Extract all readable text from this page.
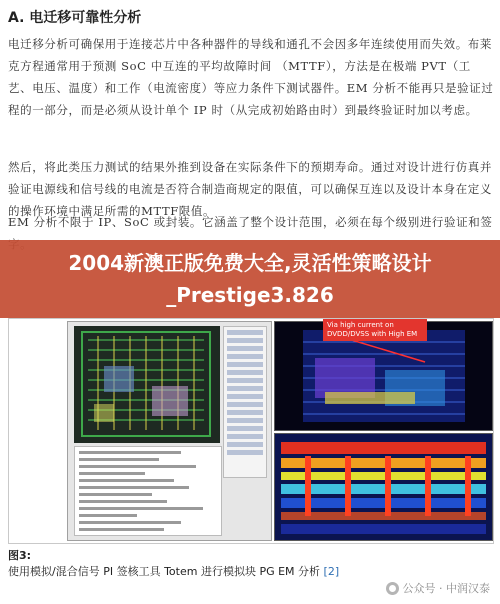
A. 电迁移可靠性分析
电迁移分析可确保用于连接芯片中各种器件的导线和通孔不会因多年连续使用而失效。布莱克方程通常用于预测 SoC 中互连的平均故障时间 （MTTF），方法是在极端 PVT（工艺、电压、温度）和工作（电流密度）等应力条件下测试器件。EM 分析不能再只是验证过程的一部分，而是必须从设计单个 IP 时（从完成初始路由时）到最终验证时加以考虑。
然后，将此类压力测试的结果外推到设备在实际条件下的预期寿命。通过对设计进行仿真并验证电源线和信号线的电流是否符合制造商规定的限值，可以确保互连以及设计本身在定义的操作环境中满足所需的MTTF限值。
EM 分析不限于 IP、SoC 或封装。它涵盖了整个设计范围，必须在每个级别进行验证和签
2004新澳正版免费大全,灵活性策略设计_Prestige3.826
Via high current on DVDD/DVSS with High EM
图3:
使用模拟/混合信号 PI 签核工具 Totem 进行模拟块 PG EM 分析 [2]
公众号 · 中润汉泰
